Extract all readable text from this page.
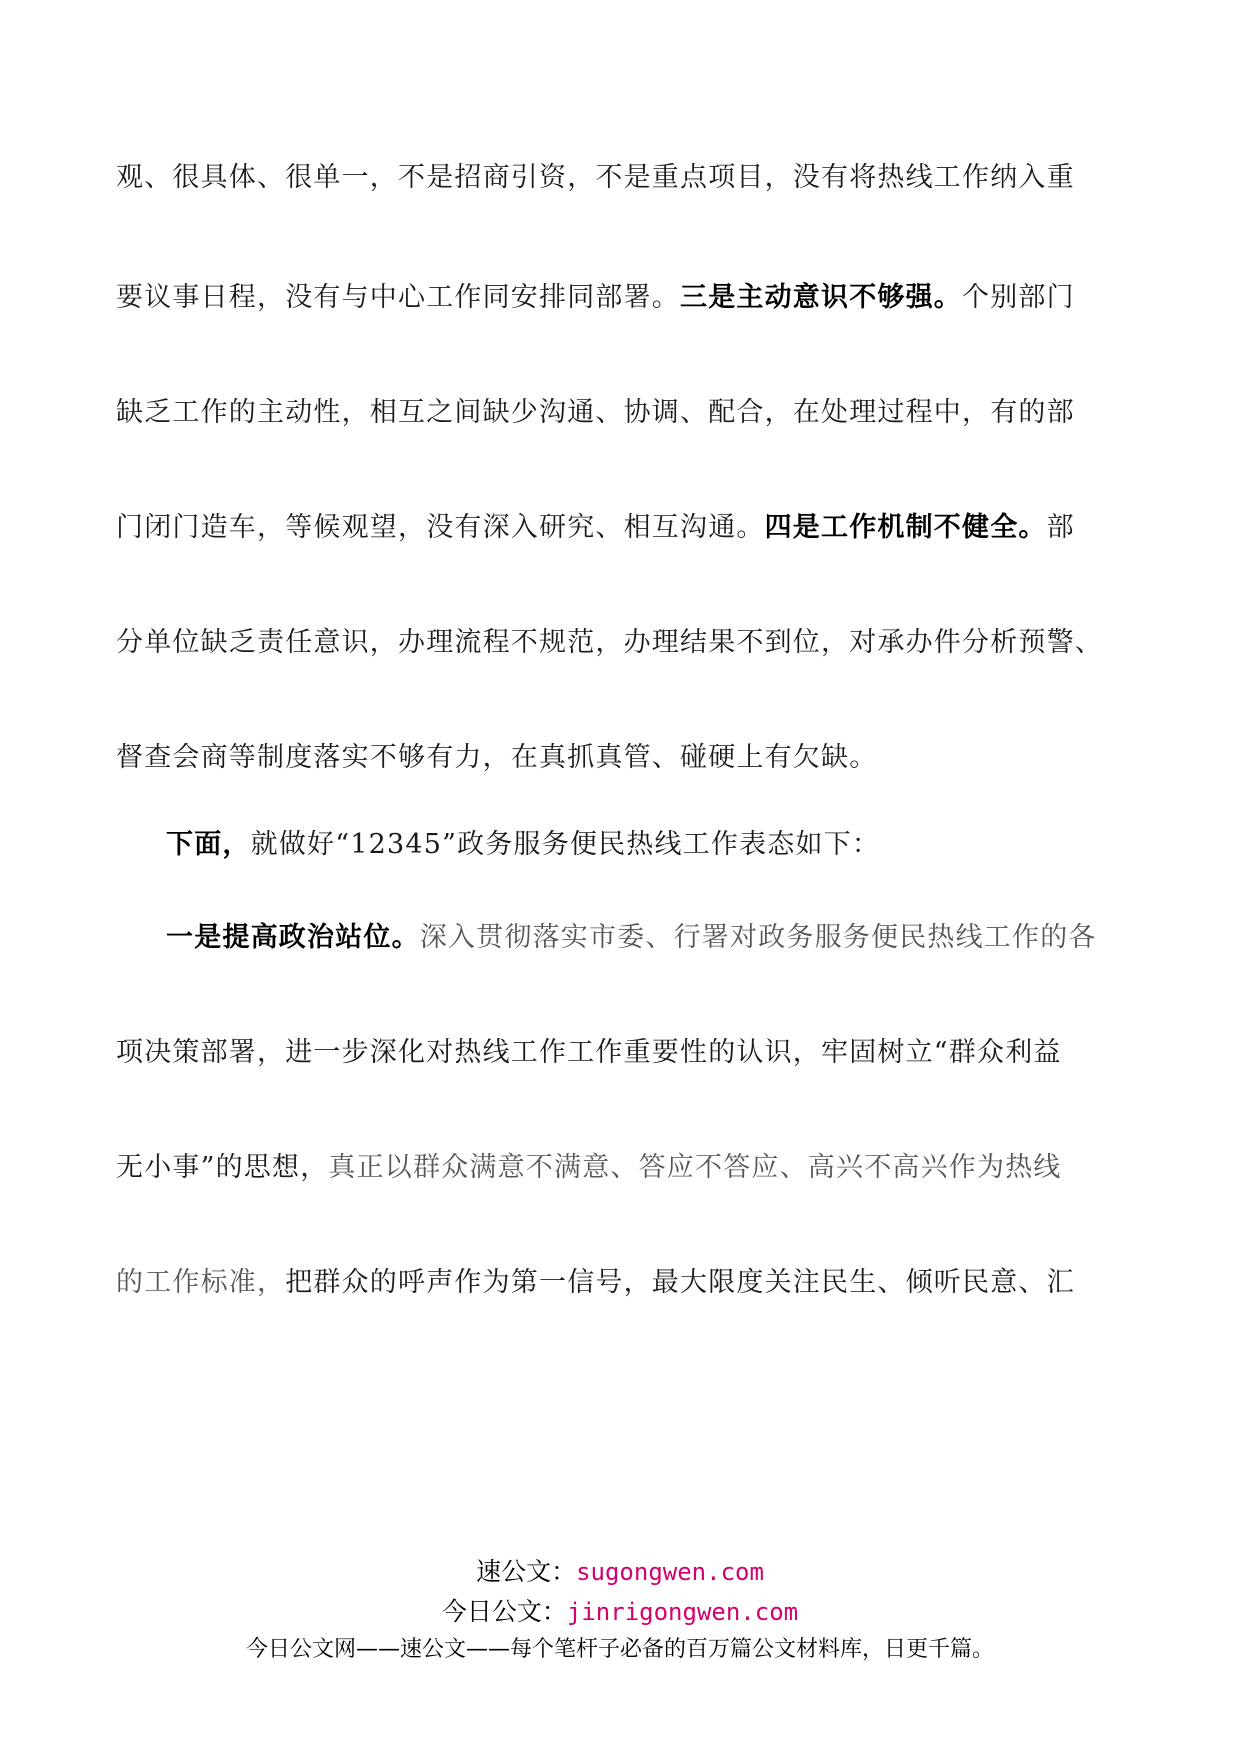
观、很具体、很单一，不是招商引资，不是重点项目，没有将热线工作纳入重
要议事日程，没有与中心工作同安排同部署。三是主动意识不够强。个别部门
缺乏工作的主动性，相互之间缺少沟通、协调、配合，在处理过程中，有的部
门闭门造车，等候观望，没有深入研究、相互沟通。四是工作机制不健全。部
分单位缺乏责任意识，办理流程不规范，办理结果不到位，对承办件分析预警、
督查会商等制度落实不够有力，在真抓真管、碰硬上有欠缺。
下面，就做好“12345”政务服务便民热线工作表态如下：
一是提高政治站位。深入贯彻落实市委、行署对政务服务便民热线工作的各
项决策部署，进一步深化对热线工作工作重要性的认识，牢固树立“群众利益
无小事”的思想，真正以群众满意不满意、答应不答应、高兴不高兴作为热线
的工作标准，把群众的呼声作为第一信号，最大限度关注民生、倾听民意、汇
速公文：sugongwen.com
今日公文：jinrigongwen.com
今日公文网——速公文——每个笔杆子必备的百万篇公文材料库，日更千篇。
